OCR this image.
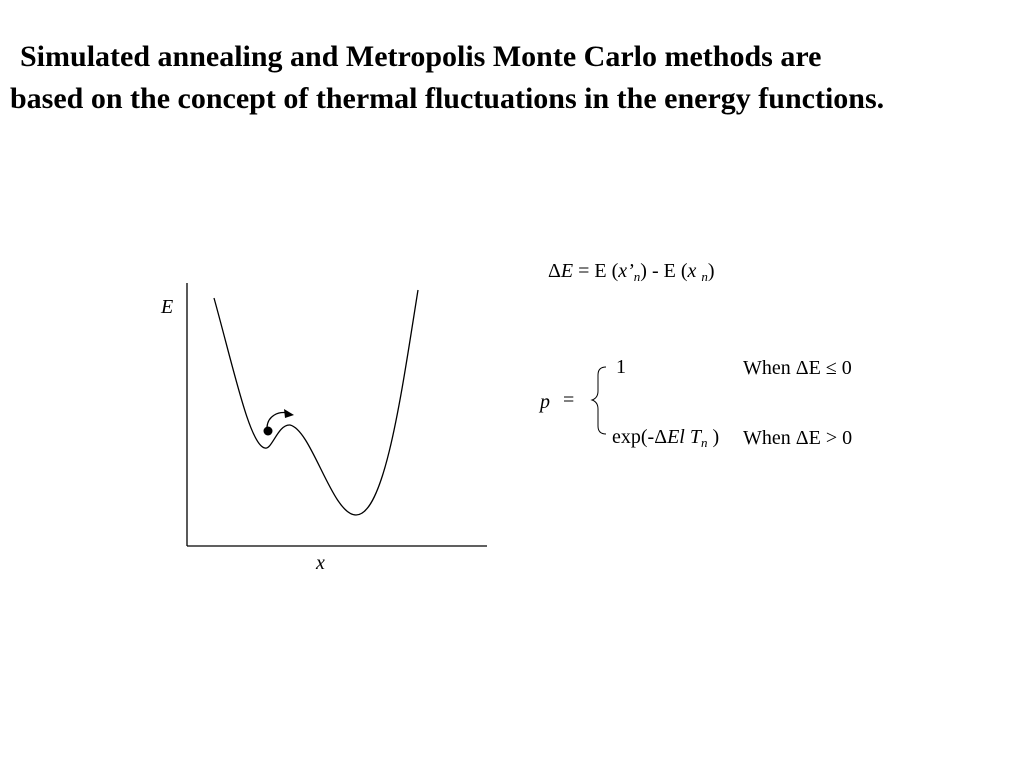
Simulated annealing and Metropolis Monte Carlo methods are
based on the concept of thermal fluctuations in the energy functions.
E
x
ΔE = E $(x’_n)$ - E (x $_n$)
p =
1	When ΔE ≤ 0
exp(-ΔEl $T_n$ ) When ΔE > 0
